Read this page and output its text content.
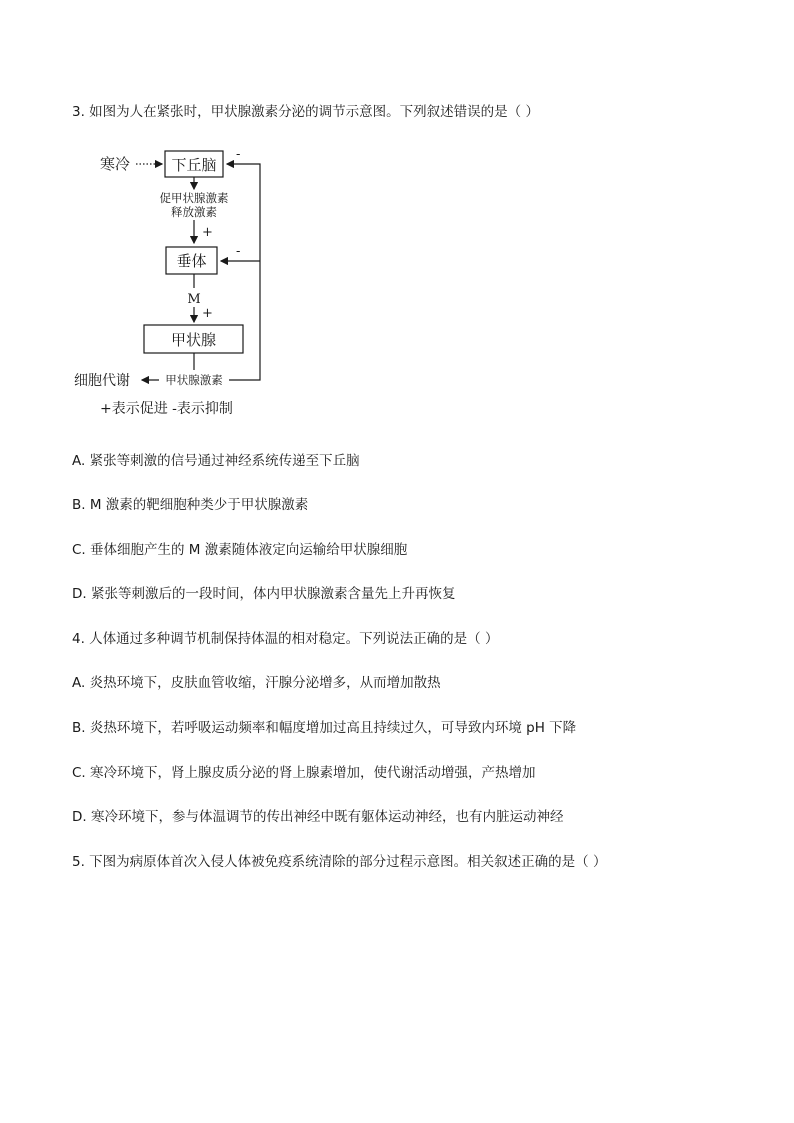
3. 如图为人在紧张时，甲状腺激素分泌的调节示意图。下列叙述错误的是（ ）
寒冷	下丘脑
促甲状腺激素
释放激素
+
垂体
M
+
甲状腺
甲状腺激素
细胞代谢
-
-
+表示促进 -表示抑制
A. 紧张等刺激的信号通过神经系统传递至下丘脑
B. M 激素的靶细胞种类少于甲状腺激素
C. 垂体细胞产生的 M 激素随体液定向运输给甲状腺细胞
D. 紧张等刺激后的一段时间，体内甲状腺激素含量先上升再恢复
4. 人体通过多种调节机制保持体温的相对稳定。下列说法正确的是（ ）
A. 炎热环境下，皮肤血管收缩，汗腺分泌增多，从而增加散热
B. 炎热环境下，若呼吸运动频率和幅度增加过高且持续过久，可导致内环境 pH 下降
C. 寒冷环境下，肾上腺皮质分泌的肾上腺素增加，使代谢活动增强，产热增加
D. 寒冷环境下，参与体温调节的传出神经中既有躯体运动神经，也有内脏运动神经
5. 下图为病原体首次入侵人体被免疫系统清除的部分过程示意图。相关叙述正确的是（ ）
